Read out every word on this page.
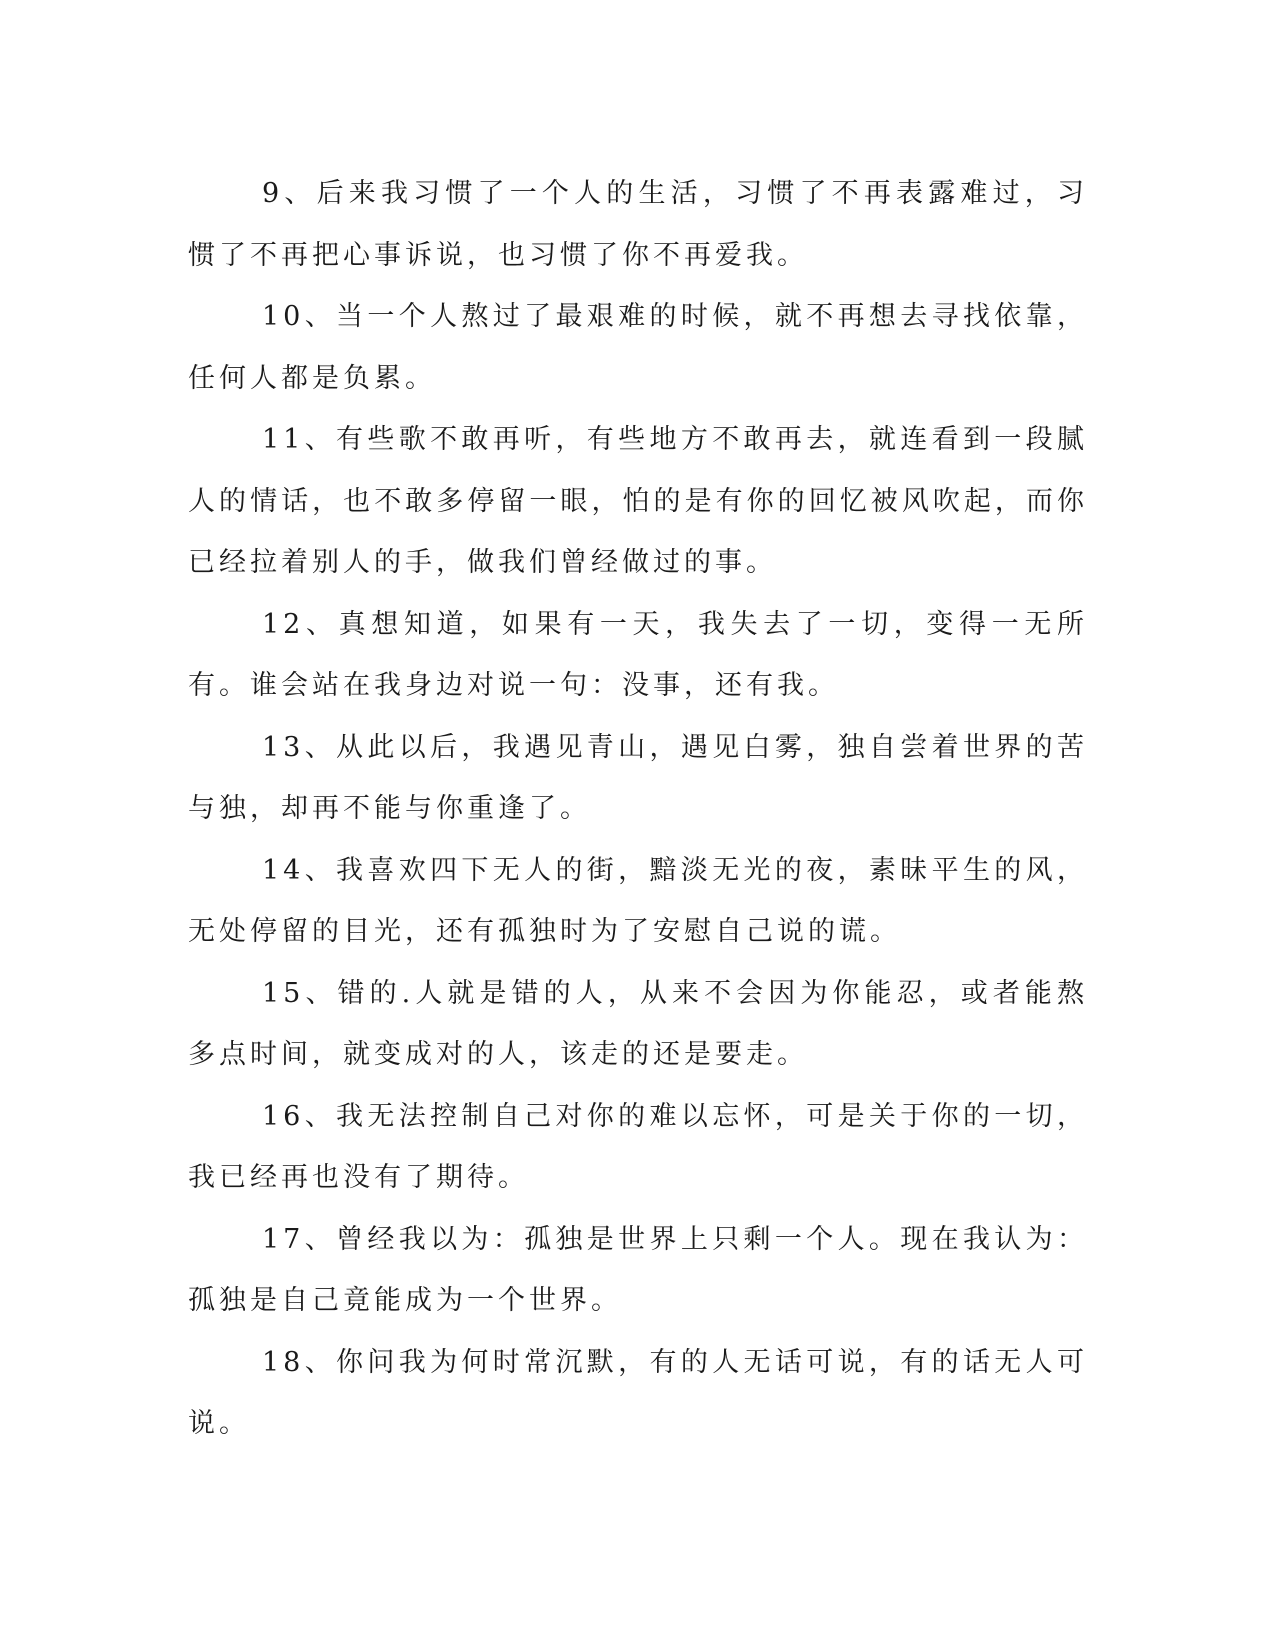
9、后来我习惯了一个人的生活，习惯了不再表露难过，习惯了不再把心事诉说，也习惯了你不再爱我。

10、当一个人熬过了最艰难的时候，就不再想去寻找依靠，任何人都是负累。

11、有些歌不敢再听，有些地方不敢再去，就连看到一段腻人的情话，也不敢多停留一眼，怕的是有你的回忆被风吹起，而你已经拉着别人的手，做我们曾经做过的事。

12、真想知道，如果有一天，我失去了一切，变得一无所有。谁会站在我身边对说一句：没事，还有我。

13、从此以后，我遇见青山，遇见白雾，独自尝着世界的苦与独，却再不能与你重逢了。

14、我喜欢四下无人的街，黯淡无光的夜，素昧平生的风，无处停留的目光，还有孤独时为了安慰自己说的谎。

15、错的.人就是错的人，从来不会因为你能忍，或者能熬多点时间，就变成对的人，该走的还是要走。

16、我无法控制自己对你的难以忘怀，可是关于你的一切，我已经再也没有了期待。

17、曾经我以为：孤独是世界上只剩一个人。现在我认为：孤独是自己竟能成为一个世界。

18、你问我为何时常沉默，有的人无话可说，有的话无人可说。
